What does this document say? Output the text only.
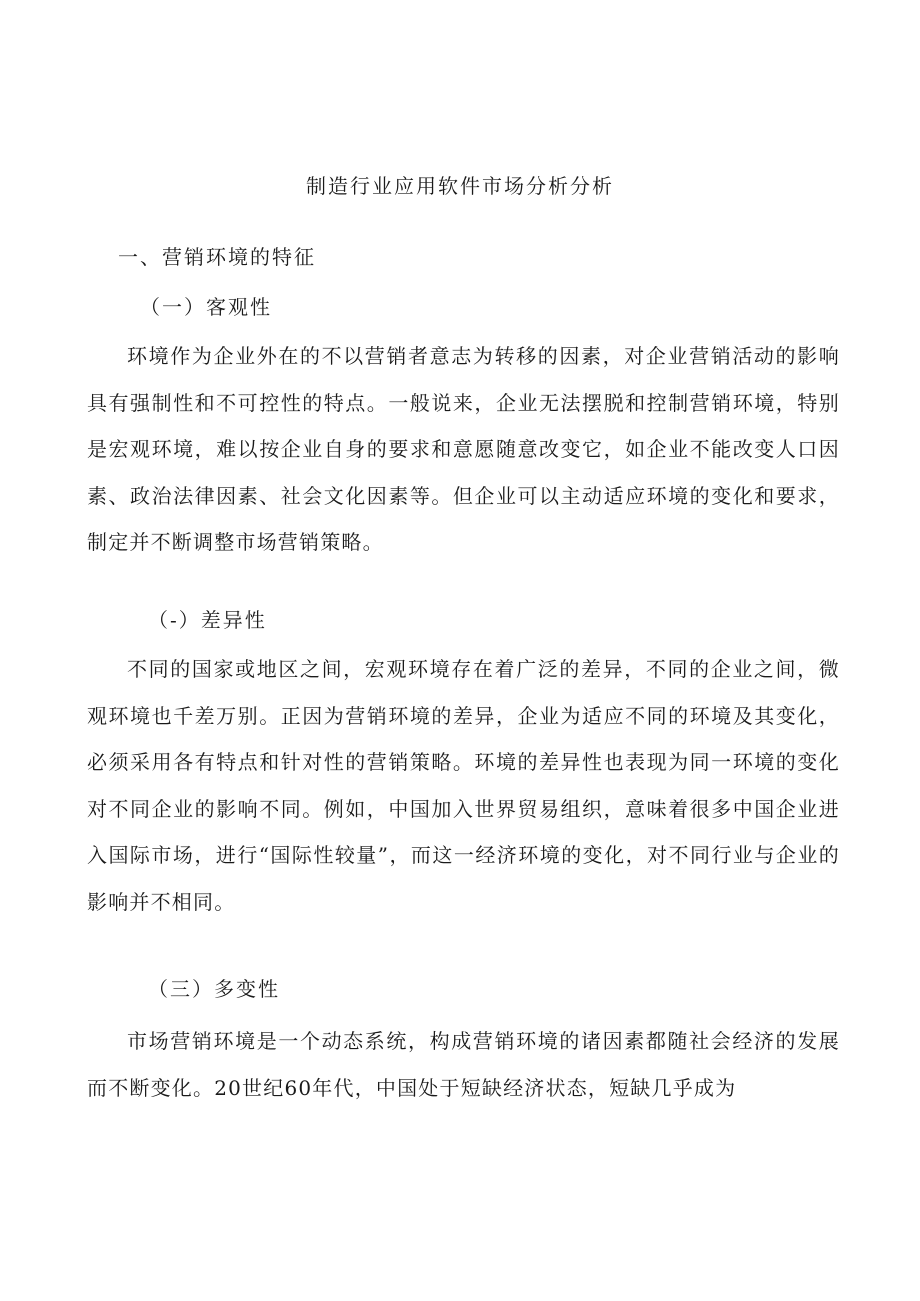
制造行业应用软件市场分析分析
一、营销环境的特征
（一）客观性

环境作为企业外在的不以营销者意志为转移的因素，对企业营销活动的影响具有强制性和不可控性的特点。一般说来，企业无法摆脱和控制营销环境，特别是宏观环境，难以按企业自身的要求和意愿随意改变它，如企业不能改变人口因素、政治法律因素、社会文化因素等。但企业可以主动适应环境的变化和要求，制定并不断调整市场营销策略。

（-）差异性

不同的国家或地区之间，宏观环境存在着广泛的差异，不同的企业之间，微观环境也千差万别。正因为营销环境的差异，企业为适应不同的环境及其变化，必须采用各有特点和针对性的营销策略。环境的差异性也表现为同一环境的变化对不同企业的影响不同。例如，中国加入世界贸易组织，意味着很多中国企业进入国际市场，进行“国际性较量”，而这一经济环境的变化，对不同行业与企业的影响并不相同。

（三）多变性

市场营销环境是一个动态系统，构成营销环境的诸因素都随社会经济的发展而不断变化。20世纪60年代，中国处于短缺经济状态，短缺几乎成为
